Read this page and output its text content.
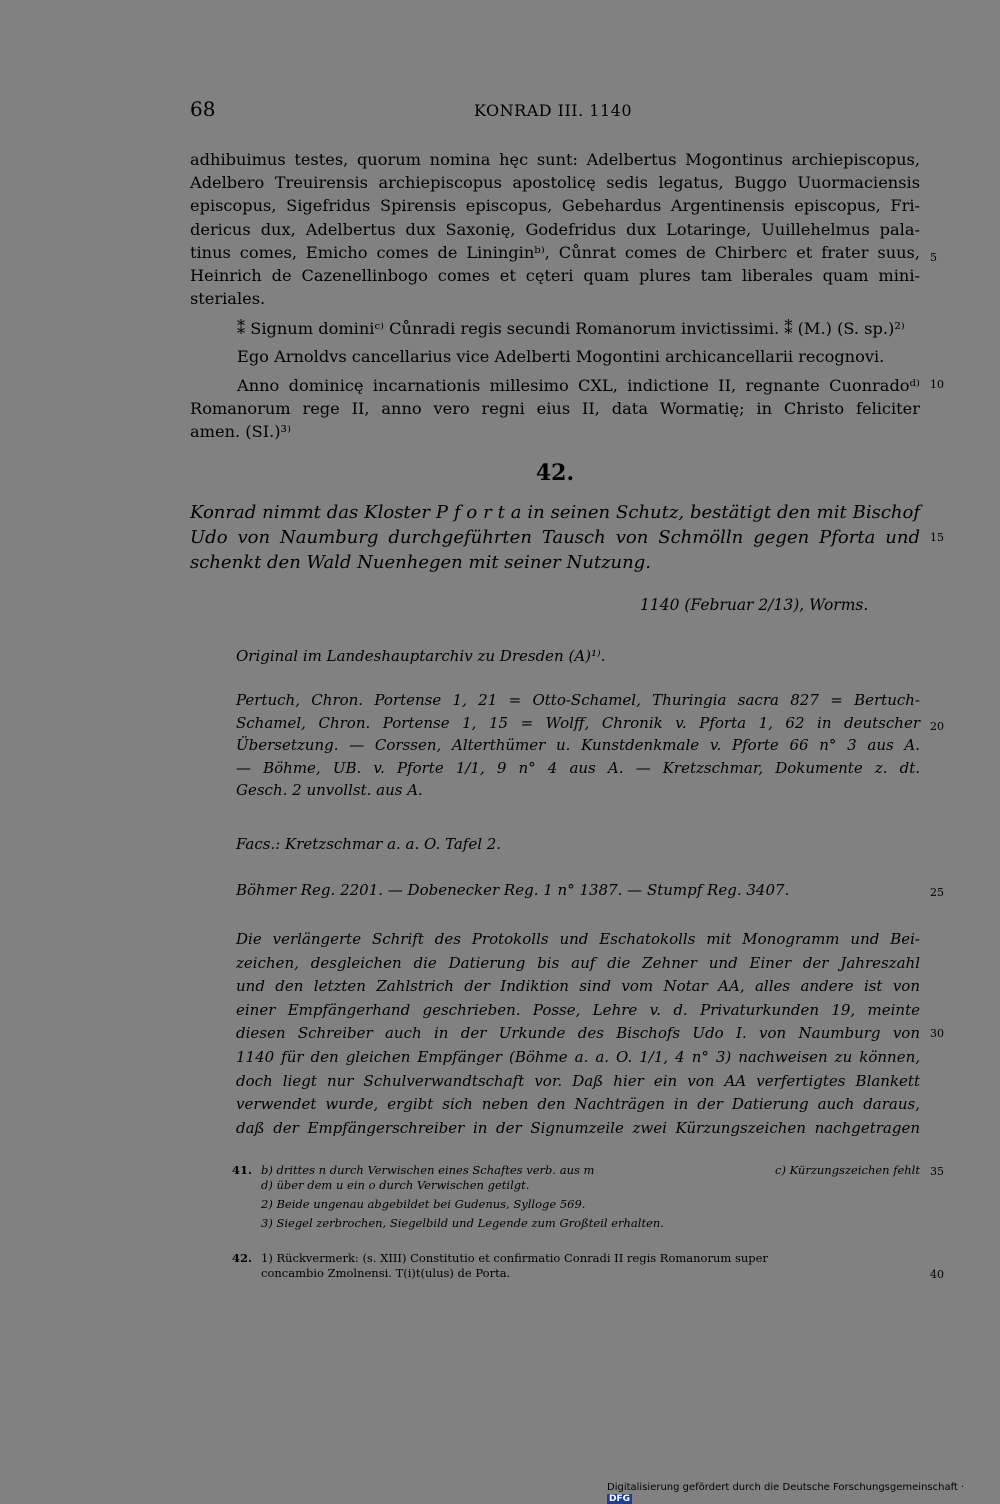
68	KONRAD III. 1140
adhibuimus testes, quorum nomina hęc sunt: Adelbertus Mogontinus archiepiscopus,
Adelbero Treuirensis archiepiscopus apostolicę sedis legatus, Buggo Uuormaciensis
episcopus, Sigefridus Spirensis episcopus, Gebehardus Argentinensis episcopus, Fri-
dericus dux, Adelbertus dux Saxonię, Godefridus dux Lotaringe, Uuillehelmus pala-
tinus comes, Emicho comes de Lininginᵇ⁾, Cůnrat comes de Chirberc et frater suus,
Heinrich de Cazenellinbogo comes et cęteri quam plures tam liberales quam mini-
steriales.
⁑ Signum dominiᶜ⁾ Cůnradi regis secundi Romanorum invictissimi. ⁑ (M.) (S. sp.)²⁾
Ego Arnoldvs cancellarius vice Adelberti Mogontini archicancellarii recognovi.
Anno dominicę incarnationis millesimo CXL, indictione II, regnante Cuonradoᵈ⁾
Romanorum rege II, anno vero regni eius II, data Wormatię; in Christo feliciter
amen. (SI.)³⁾
42.
Konrad nimmt das Kloster P f o r t a in seinen Schutz, bestätigt den mit Bischof
Udo von Naumburg durchgeführten Tausch von Schmölln gegen Pforta und
schenkt den Wald Nuenhegen mit seiner Nutzung.
1140 (Februar 2/13), Worms.
Original im Landeshauptarchiv zu Dresden (A)¹⁾.
Pertuch, Chron. Portense 1, 21 = Otto-Schamel, Thuringia sacra 827 = Bertuch-
Schamel, Chron. Portense 1, 15 = Wolff, Chronik v. Pforta 1, 62 in deutscher
Übersetzung. — Corssen, Alterthümer u. Kunstdenkmale v. Pforte 66 n° 3 aus A.
— Böhme, UB. v. Pforte 1/1, 9 n° 4 aus A. — Kretzschmar, Dokumente z. dt.
Gesch. 2 unvollst. aus A.
Facs.: Kretzschmar a. a. O. Tafel 2.
Böhmer Reg. 2201. — Dobenecker Reg. 1 n° 1387. — Stumpf Reg. 3407.
Die verlängerte Schrift des Protokolls und Eschatokolls mit Monogramm und Bei-
zeichen, desgleichen die Datierung bis auf die Zehner und Einer der Jahreszahl
und den letzten Zahlstrich der Indiktion sind vom Notar AA, alles andere ist von
einer Empfängerhand geschrieben. Posse, Lehre v. d. Privaturkunden 19, meinte
diesen Schreiber auch in der Urkunde des Bischofs Udo I. von Naumburg von
1140 für den gleichen Empfänger (Böhme a. a. O. 1/1, 4 n° 3) nachweisen zu können,
doch liegt nur Schulverwandtschaft vor. Daß hier ein von AA verfertigtes Blankett
verwendet wurde, ergibt sich neben den Nachträgen in der Datierung auch daraus,
daß der Empfängerschreiber in der Signumzeile zwei Kürzungszeichen nachgetragen
41. b) drittes n durch Verwischen eines Schaftes verb. aus m	c) Kürzungszeichen fehlt
d) über dem u ein o durch Verwischen getilgt.
2) Beide ungenau abgebildet bei Gudenus, Sylloge 569.
3) Siegel zerbrochen, Siegelbild und Legende zum Großteil erhalten.
42. 1) Rückvermerk: (s. XIII) Constitutio et confirmatio Conradi II regis Romanorum super
concambio Zmolnensi. T(i)t(ulus) de Porta.
5
10
15
20
25
30
35
40
Digitalisierung gefördert durch die Deutsche Forschungsgemeinschaft · DFG
